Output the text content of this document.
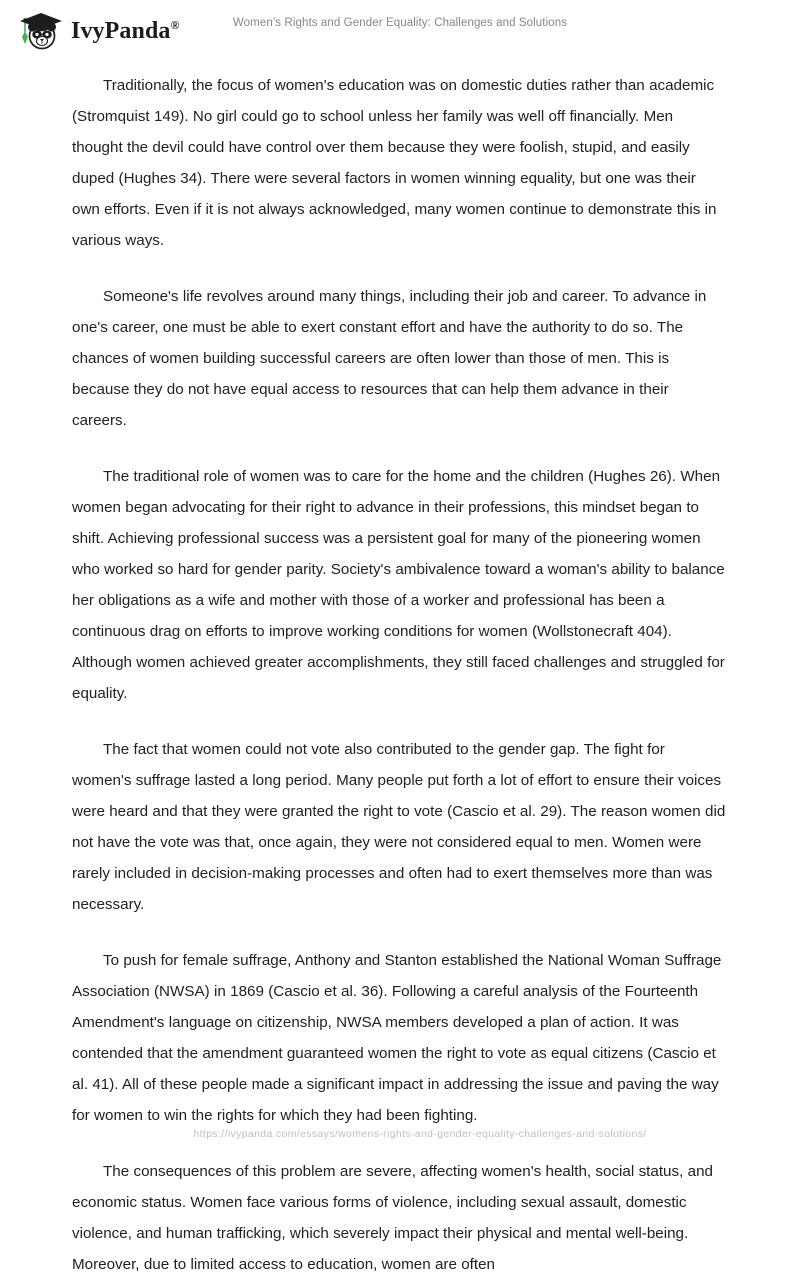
IvyPanda®	Women’s Rights and Gender Equality: Challenges and Solutions

Traditionally, the focus of women's education was on domestic duties rather than academic (Stromquist 149). No girl could go to school unless her family was well off financially. Men thought the devil could have control over them because they were foolish, stupid, and easily duped (Hughes 34). There were several factors in women winning equality, but one was their own efforts. Even if it is not always acknowledged, many women continue to demonstrate this in various ways.

Someone's life revolves around many things, including their job and career. To advance in one's career, one must be able to exert constant effort and have the authority to do so. The chances of women building successful careers are often lower than those of men. This is because they do not have equal access to resources that can help them advance in their careers.

The traditional role of women was to care for the home and the children (Hughes 26). When women began advocating for their right to advance in their professions, this mindset began to shift. Achieving professional success was a persistent goal for many of the pioneering women who worked so hard for gender parity. Society's ambivalence toward a woman's ability to balance her obligations as a wife and mother with those of a worker and professional has been a continuous drag on efforts to improve working conditions for women (Wollstonecraft 404). Although women achieved greater accomplishments, they still faced challenges and struggled for equality.

The fact that women could not vote also contributed to the gender gap. The fight for women's suffrage lasted a long period. Many people put forth a lot of effort to ensure their voices were heard and that they were granted the right to vote (Cascio et al. 29). The reason women did not have the vote was that, once again, they were not considered equal to men. Women were rarely included in decision-making processes and often had to exert themselves more than was necessary.

To push for female suffrage, Anthony and Stanton established the National Woman Suffrage Association (NWSA) in 1869 (Cascio et al. 36). Following a careful analysis of the Fourteenth Amendment's language on citizenship, NWSA members developed a plan of action. It was contended that the amendment guaranteed women the right to vote as equal citizens (Cascio et al. 41). All of these people made a significant impact in addressing the issue and paving the way for women to win the rights for which they had been fighting.

The consequences of this problem are severe, affecting women's health, social status, and economic status. Women face various forms of violence, including sexual assault, domestic violence, and human trafficking, which severely impact their physical and mental well-being. Moreover, due to limited access to education, women are often

https://ivypanda.com/essays/womens-rights-and-gender-equality-challenges-and-solutions/
